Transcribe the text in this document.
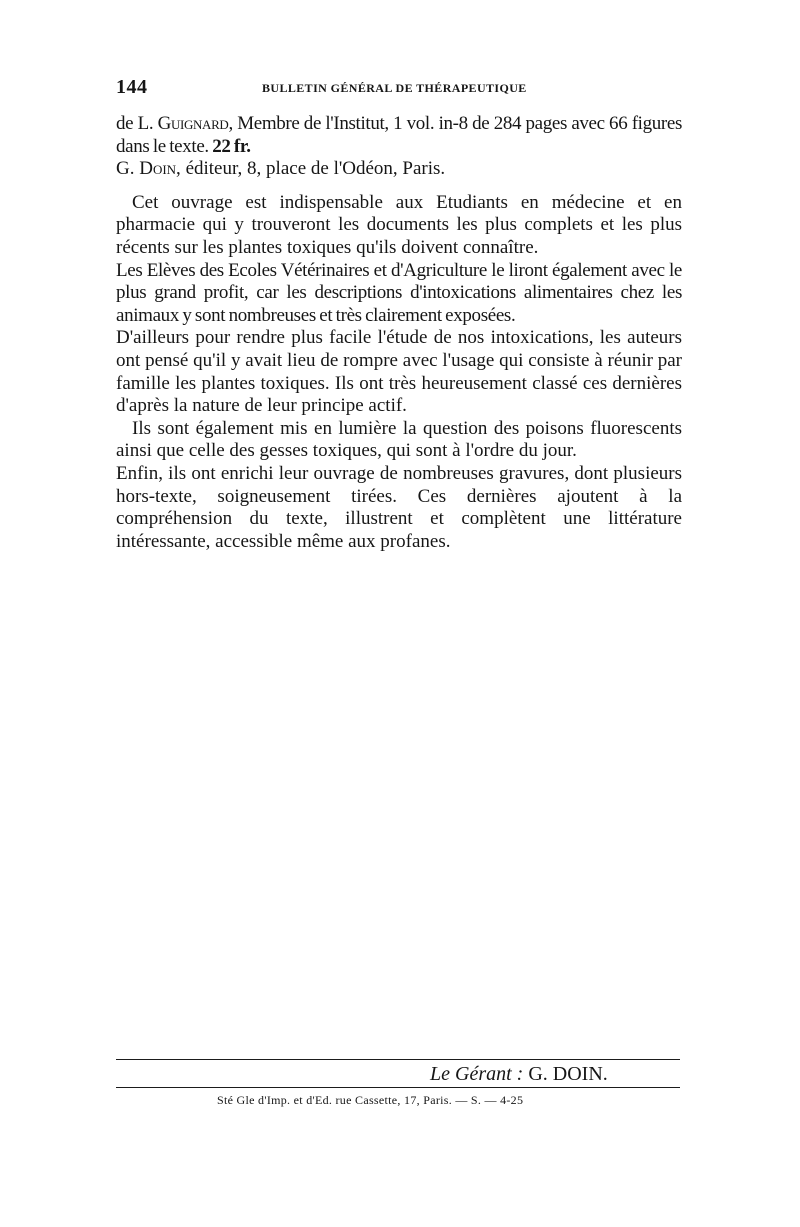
144	BULLETIN GÉNÉRAL DE THÉRAPEUTIQUE

de L. Guignard, Membre de l'Institut, 1 vol. in-8 de 284 pages avec 66 figures dans le texte. 22 fr.

G. Doin, éditeur, 8, place de l'Odéon, Paris.

Cet ouvrage est indispensable aux Etudiants en médecine et en pharmacie qui y trouveront les documents les plus complets et les plus récents sur les plantes toxiques qu'ils doivent connaître.

Les Elèves des Ecoles Vétérinaires et d'Agriculture le liront également avec le plus grand profit, car les descriptions d'intoxications alimentaires chez les animaux y sont nombreuses et très clairement exposées.

D'ailleurs pour rendre plus facile l'étude de nos intoxications, les auteurs ont pensé qu'il y avait lieu de rompre avec l'usage qui consiste à réunir par famille les plantes toxiques. Ils ont très heureusement classé ces dernières d'après la nature de leur principe actif.

Ils sont également mis en lumière la question des poisons fluorescents ainsi que celle des gesses toxiques, qui sont à l'ordre du jour.

Enfin, ils ont enrichi leur ouvrage de nombreuses gravures, dont plusieurs hors-texte, soigneusement tirées. Ces dernières ajoutent à la compréhension du texte, illustrent et complètent une littérature intéressante, accessible même aux profanes.

Le Gérant : G. DOIN.
Sté Gle d'Imp. et d'Ed. rue Cassette, 17, Paris. — S. — 4-25
